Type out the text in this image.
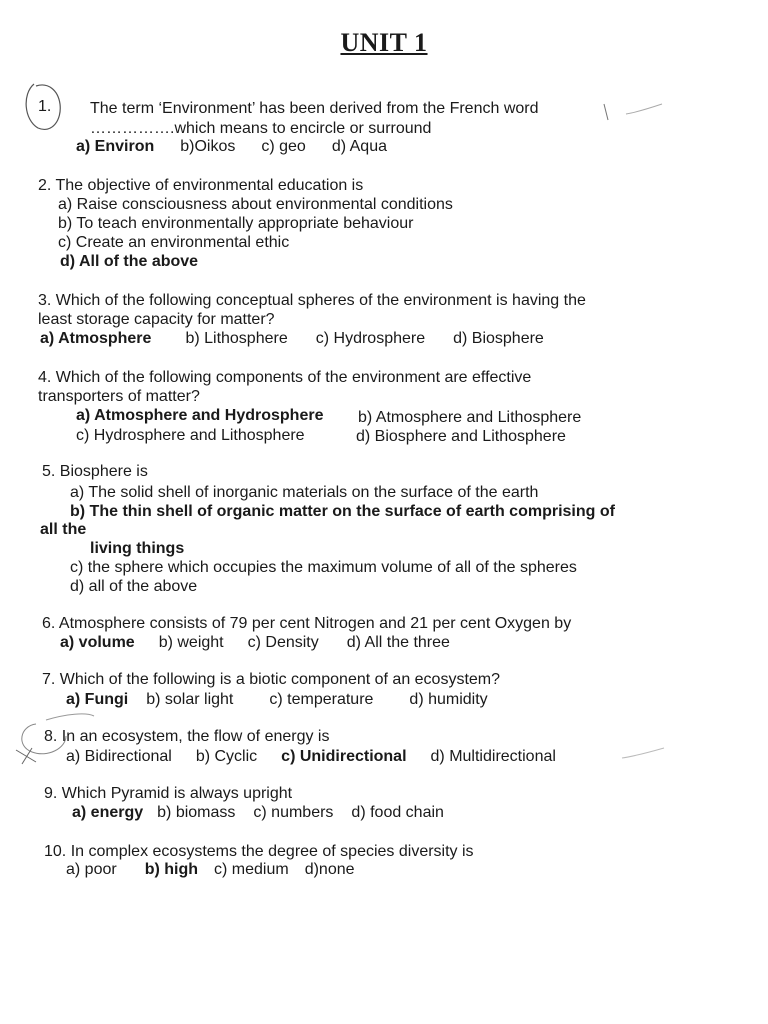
UNIT 1
1. The term ‘Environment’ has been derived from the French word
…………….which means to encircle or surround
a) Environ b)Oikos c) geo d) Aqua
2. The objective of environmental education is
a) Raise consciousness about environmental conditions
b) To teach environmentally appropriate behaviour
c) Create an environmental ethic
d) All of the above
3. Which of the following conceptual spheres of the environment is having the
least storage capacity for matter?
a) Atmosphere b) Lithosphere c) Hydrosphere d) Biosphere
4. Which of the following components of the environment are effective
transporters of matter?
a) Atmosphere and Hydrosphere b) Atmosphere and Lithosphere
c) Hydrosphere and Lithosphere	d) Biosphere and Lithosphere
5. Biosphere is
a) The solid shell of inorganic materials on the surface of the earth
b) The thin shell of organic matter on the surface of earth comprising of
all the
living things
c) the sphere which occupies the maximum volume of all of the spheres
d) all of the above
6. Atmosphere consists of 79 per cent Nitrogen and 21 per cent Oxygen by
a) volume b) weight c) Density d) All the three
7. Which of the following is a biotic component of an ecosystem?
a) Fungi b) solar light c) temperature d) humidity
8. In an ecosystem, the flow of energy is
a) Bidirectional b) Cyclic c) Unidirectional d) Multidirectional
9. Which Pyramid is always upright
a) energy b) biomass c) numbers d) food chain
10. In complex ecosystems the degree of species diversity is
a) poor b) high c) medium d)none
